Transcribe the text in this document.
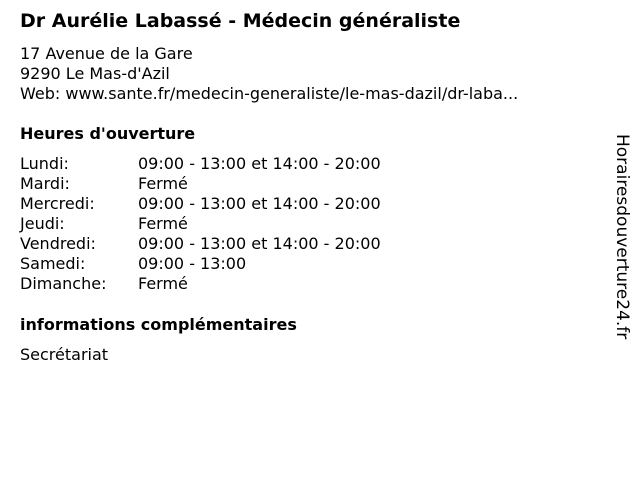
Dr Aurélie Labassé - Médecin généraliste
17 Avenue de la Gare
9290 Le Mas-d'Azil
Web: www.sante.fr/medecin-generaliste/le-mas-dazil/dr-laba...
Heures d'ouverture
Lundi:	09:00 - 13:00 et 14:00 - 20:00
Mardi:	Fermé
Mercredi:	09:00 - 13:00 et 14:00 - 20:00
Jeudi:	Fermé
Vendredi:	09:00 - 13:00 et 14:00 - 20:00
Samedi:	09:00 - 13:00
Dimanche: Fermé
informations complémentaires
Secrétariat
Horairesdouverture24.fr
